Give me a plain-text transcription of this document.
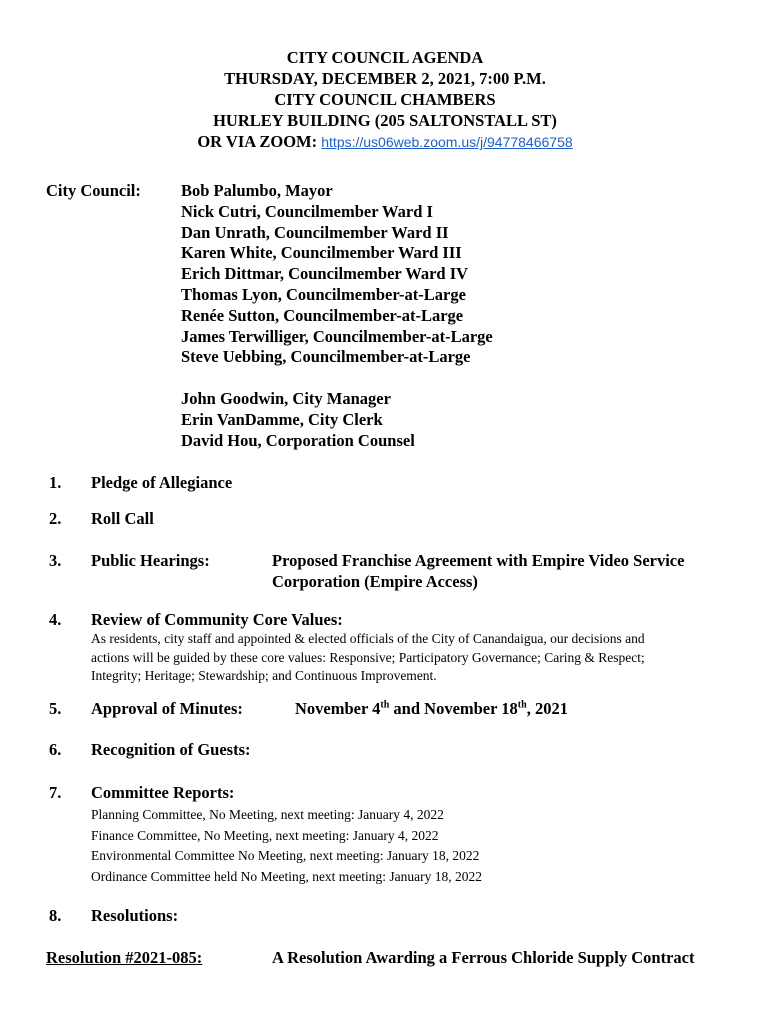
CITY COUNCIL AGENDA
THURSDAY, DECEMBER 2, 2021, 7:00 P.M.
CITY COUNCIL CHAMBERS
HURLEY BUILDING (205 SALTONSTALL ST)
OR VIA ZOOM: https://us06web.zoom.us/j/94778466758
City Council: Bob Palumbo, Mayor
Nick Cutri, Councilmember Ward I
Dan Unrath, Councilmember Ward II
Karen White, Councilmember Ward III
Erich Dittmar, Councilmember Ward IV
Thomas Lyon, Councilmember-at-Large
Renée Sutton, Councilmember-at-Large
James Terwilliger, Councilmember-at-Large
Steve Uebbing, Councilmember-at-Large
John Goodwin, City Manager
Erin VanDamme, City Clerk
David Hou, Corporation Counsel
1. Pledge of Allegiance
2. Roll Call
3. Public Hearings:	Proposed Franchise Agreement with Empire Video Service
Corporation (Empire Access)
4. Review of Community Core Values:
As residents, city staff and appointed & elected officials of the City of Canandaigua, our decisions and
actions will be guided by these core values: Responsive; Participatory Governance; Caring & Respect;
Integrity; Heritage; Stewardship; and Continuous Improvement.
5. Approval of Minutes:	November 4th and November 18th, 2021
6. Recognition of Guests:
7. Committee Reports:
Planning Committee, No Meeting, next meeting: January 4, 2022
Finance Committee, No Meeting, next meeting: January 4, 2022
Environmental Committee No Meeting, next meeting: January 18, 2022
Ordinance Committee held No Meeting, next meeting: January 18, 2022
8. Resolutions:
Resolution #2021-085:	A Resolution Awarding a Ferrous Chloride Supply Contract
